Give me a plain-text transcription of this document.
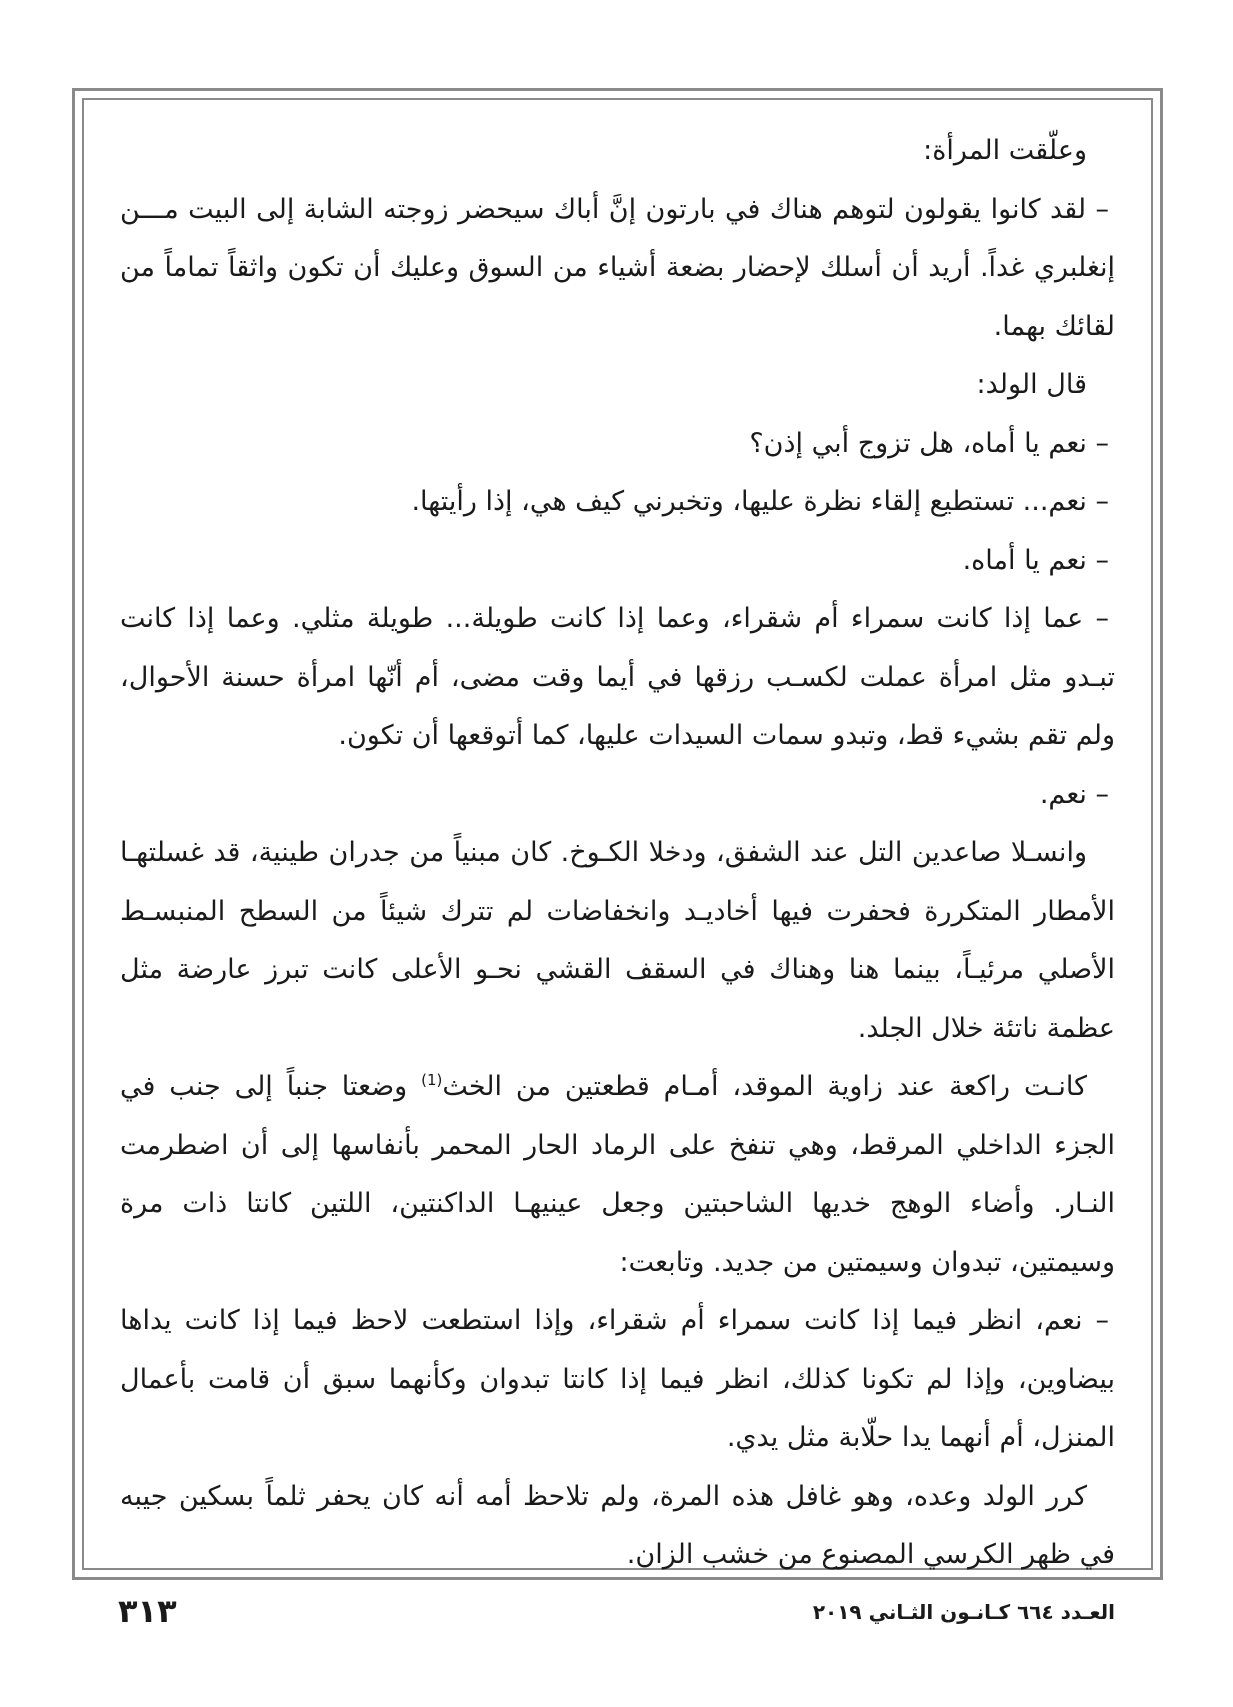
وعلّقت المرأة:

– لقد كانوا يقولون لتوهم هناك في بارتون إنَّ أباك سيحضر زوجته الشابة إلى البيت مـــن إنغلبري غداً. أريد أن أسلك لإحضار بضعة أشياء من السوق وعليك أن تكون واثقاً تماماً من لقائك بهما.

قال الولد:

– نعم يا أماه، هل تزوج أبي إذن؟

– نعم... تستطيع إلقاء نظرة عليها، وتخبرني كيف هي، إذا رأيتها.

– نعم يا أماه.

– عما إذا كانت سمراء أم شقراء، وعما إذا كانت طويلة... طويلة مثلي. وعما إذا كانت تبـدو مثل امرأة عملت لكسـب رزقها في أيما وقت مضى، أم أنّها امرأة حسنة الأحوال، ولم تقم بشيء قط، وتبدو سمات السيدات عليها، كما أتوقعها أن تكون.

– نعم.

وانسـلا صاعدين التل عند الشفق، ودخلا الكـوخ. كان مبنياً من جدران طينية، قد غسلتهـا الأمطار المتكررة فحفرت فيها أخاديـد وانخفاضات لم تترك شيئاً من السطح المنبسـط الأصلي مرئيـاً، بينما هنا وهناك في السقف القشي نحـو الأعلى كانت تبرز عارضة مثل عظمة ناتئة خلال الجلد.

كانـت راكعة عند زاوية الموقد، أمـام قطعتين من الخث$^{(1)}$ وضعتا جنباً إلى جنب في الجزء الداخلي المرقط، وهي تنفخ على الرماد الحار المحمر بأنفاسها إلى أن اضطرمت النـار. وأضاء الوهج خديها الشاحبتين وجعل عينيهـا الداكنتين، اللتين كانتا ذات مرة وسيمتين، تبدوان وسيمتين من جديد. وتابعت:

– نعم، انظر فيما إذا كانت سمراء أم شقراء، وإذا استطعت لاحظ فيما إذا كانت يداها بيضاوين، وإذا لم تكونا كذلك، انظر فيما إذا كانتا تبدوان وكأنهما سبق أن قامت بأعمال المنزل، أم أنهما يدا حلّابة مثل يدي.

كرر الولد وعده، وهو غافل هذه المرة، ولم تلاحظ أمه أنه كان يحفر ثلماً بسكين جيبه في ظهر الكرسي المصنوع من خشب الزان.

٣١٣	العـدد ٦٦٤ كـانـون الثـاني ٢٠١٩
